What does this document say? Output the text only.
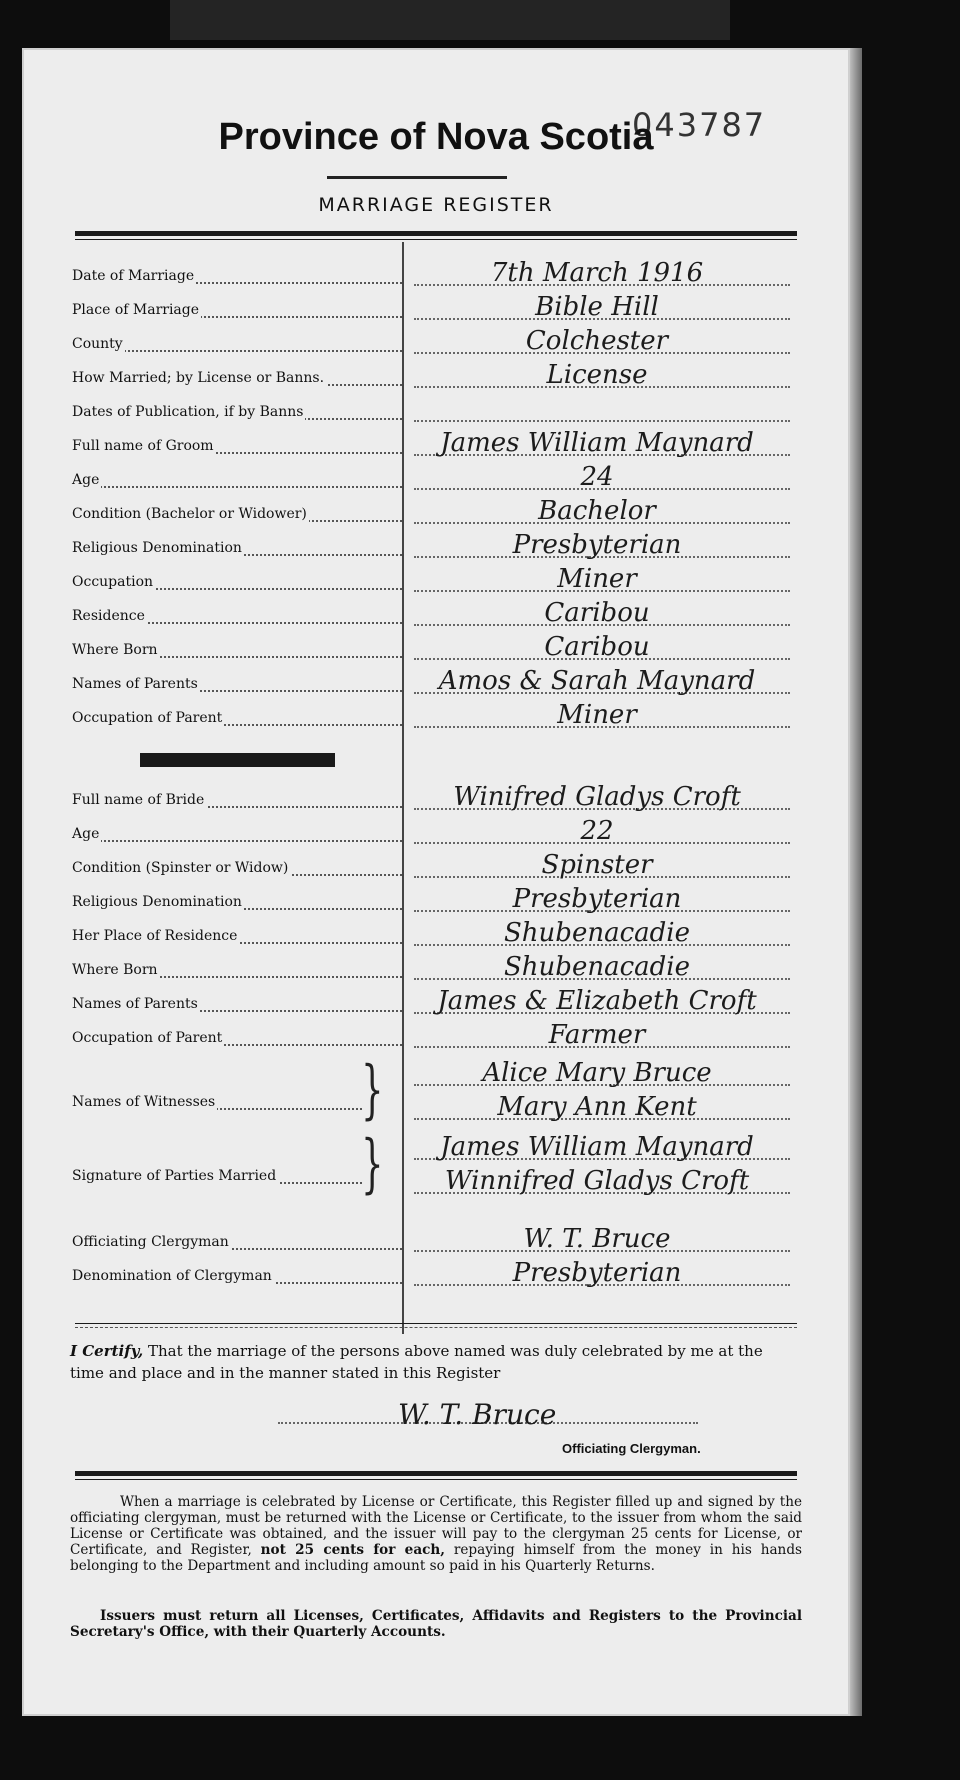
043787
Province of Nova Scotia
MARRIAGE REGISTER
Date of Marriage	7th March 1916
Place of Marriage	Bible Hill
County	Colchester
How Married; by License or Banns.	License
Dates of Publication, if by Banns
Full name of Groom	James William Maynard
Age	24
Condition (Bachelor or Widower)	Bachelor
Religious Denomination	Presbyterian
Occupation	Miner
Residence	Caribou
Where Born	Caribou
Names of Parents	Amos & Sarah Maynard
Occupation of Parent	Miner
Full name of Bride	Winifred Gladys Croft
Age	22
Condition (Spinster or Widow)	Spinster
Religious Denomination	Presbyterian
Her Place of Residence	Shubenacadie
Where Born	Shubenacadie
Names of Parents	James & Elizabeth Croft
Occupation of Parent	Farmer
Names of Witnesses }	Alice Mary Bruce
Mary Ann Kent
Signature of Parties Married }	James William Maynard
Winnifred Gladys Croft
Officiating Clergyman	W. T. Bruce
Denomination of Clergyman	Presbyterian
I Certify, That the marriage of the persons above named was duly celebrated by me at the time and place and in the manner stated in this Register
W. T. Bruce
Officiating Clergyman.
When a marriage is celebrated by License or Certificate, this Register filled up and signed by the officiating clergyman, must be returned with the License or Certificate, to the issuer from whom the said License or Certificate was obtained, and the issuer will pay to the clergyman 25 cents for License, or Certificate, and Register, not 25 cents for each, repaying himself from the money in his hands belonging to the Department and including amount so paid in his Quarterly Returns.
Issuers must return all Licenses, Certificates, Affidavits and Registers to the Provincial Secretary's Office, with their Quarterly Accounts.
